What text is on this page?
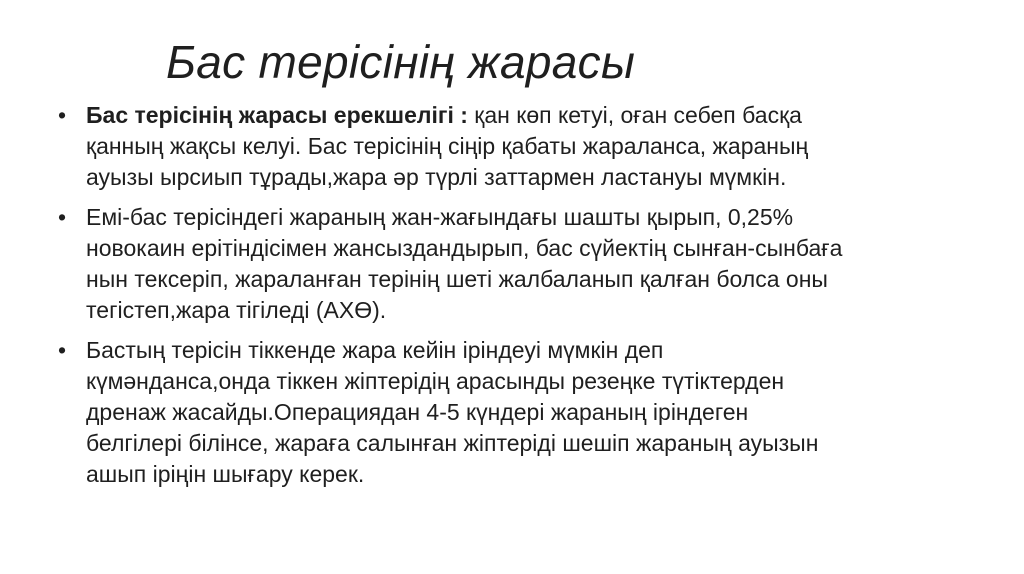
Бас терісінің жарасы
• Бас терісінің жарасы ерекшелігі : қан көп кетуі, оған себеп басқа
қанның жақсы келуі. Бас терісінің сіңір қабаты жараланса, жараның
ауызы ырсиып тұрады,жара әр түрлі заттармен ластануы мүмкін.
• Емі-бас терісіндегі жараның жан-жағындағы шашты қырып, 0,25%
новокаин ерітіндісімен жансыздандырып, бас сүйектің сынған-сынбаға
нын тексеріп, жараланған терінің шеті жалбаланып қалған болса оны
тегістеп,жара тігіледі (АХӨ).
• Бастың терісін тіккенде жара кейін іріндеуі мүмкін деп
күмәнданса,онда тіккен жіптерідің арасынды резеңке түтіктерден
дренаж жасайды.Операциядан 4-5 күндері жараның іріндеген
белгілері білінсе, жараға салынған жіптеріді шешіп жараның ауызын
ашып іріңін шығару керек.
